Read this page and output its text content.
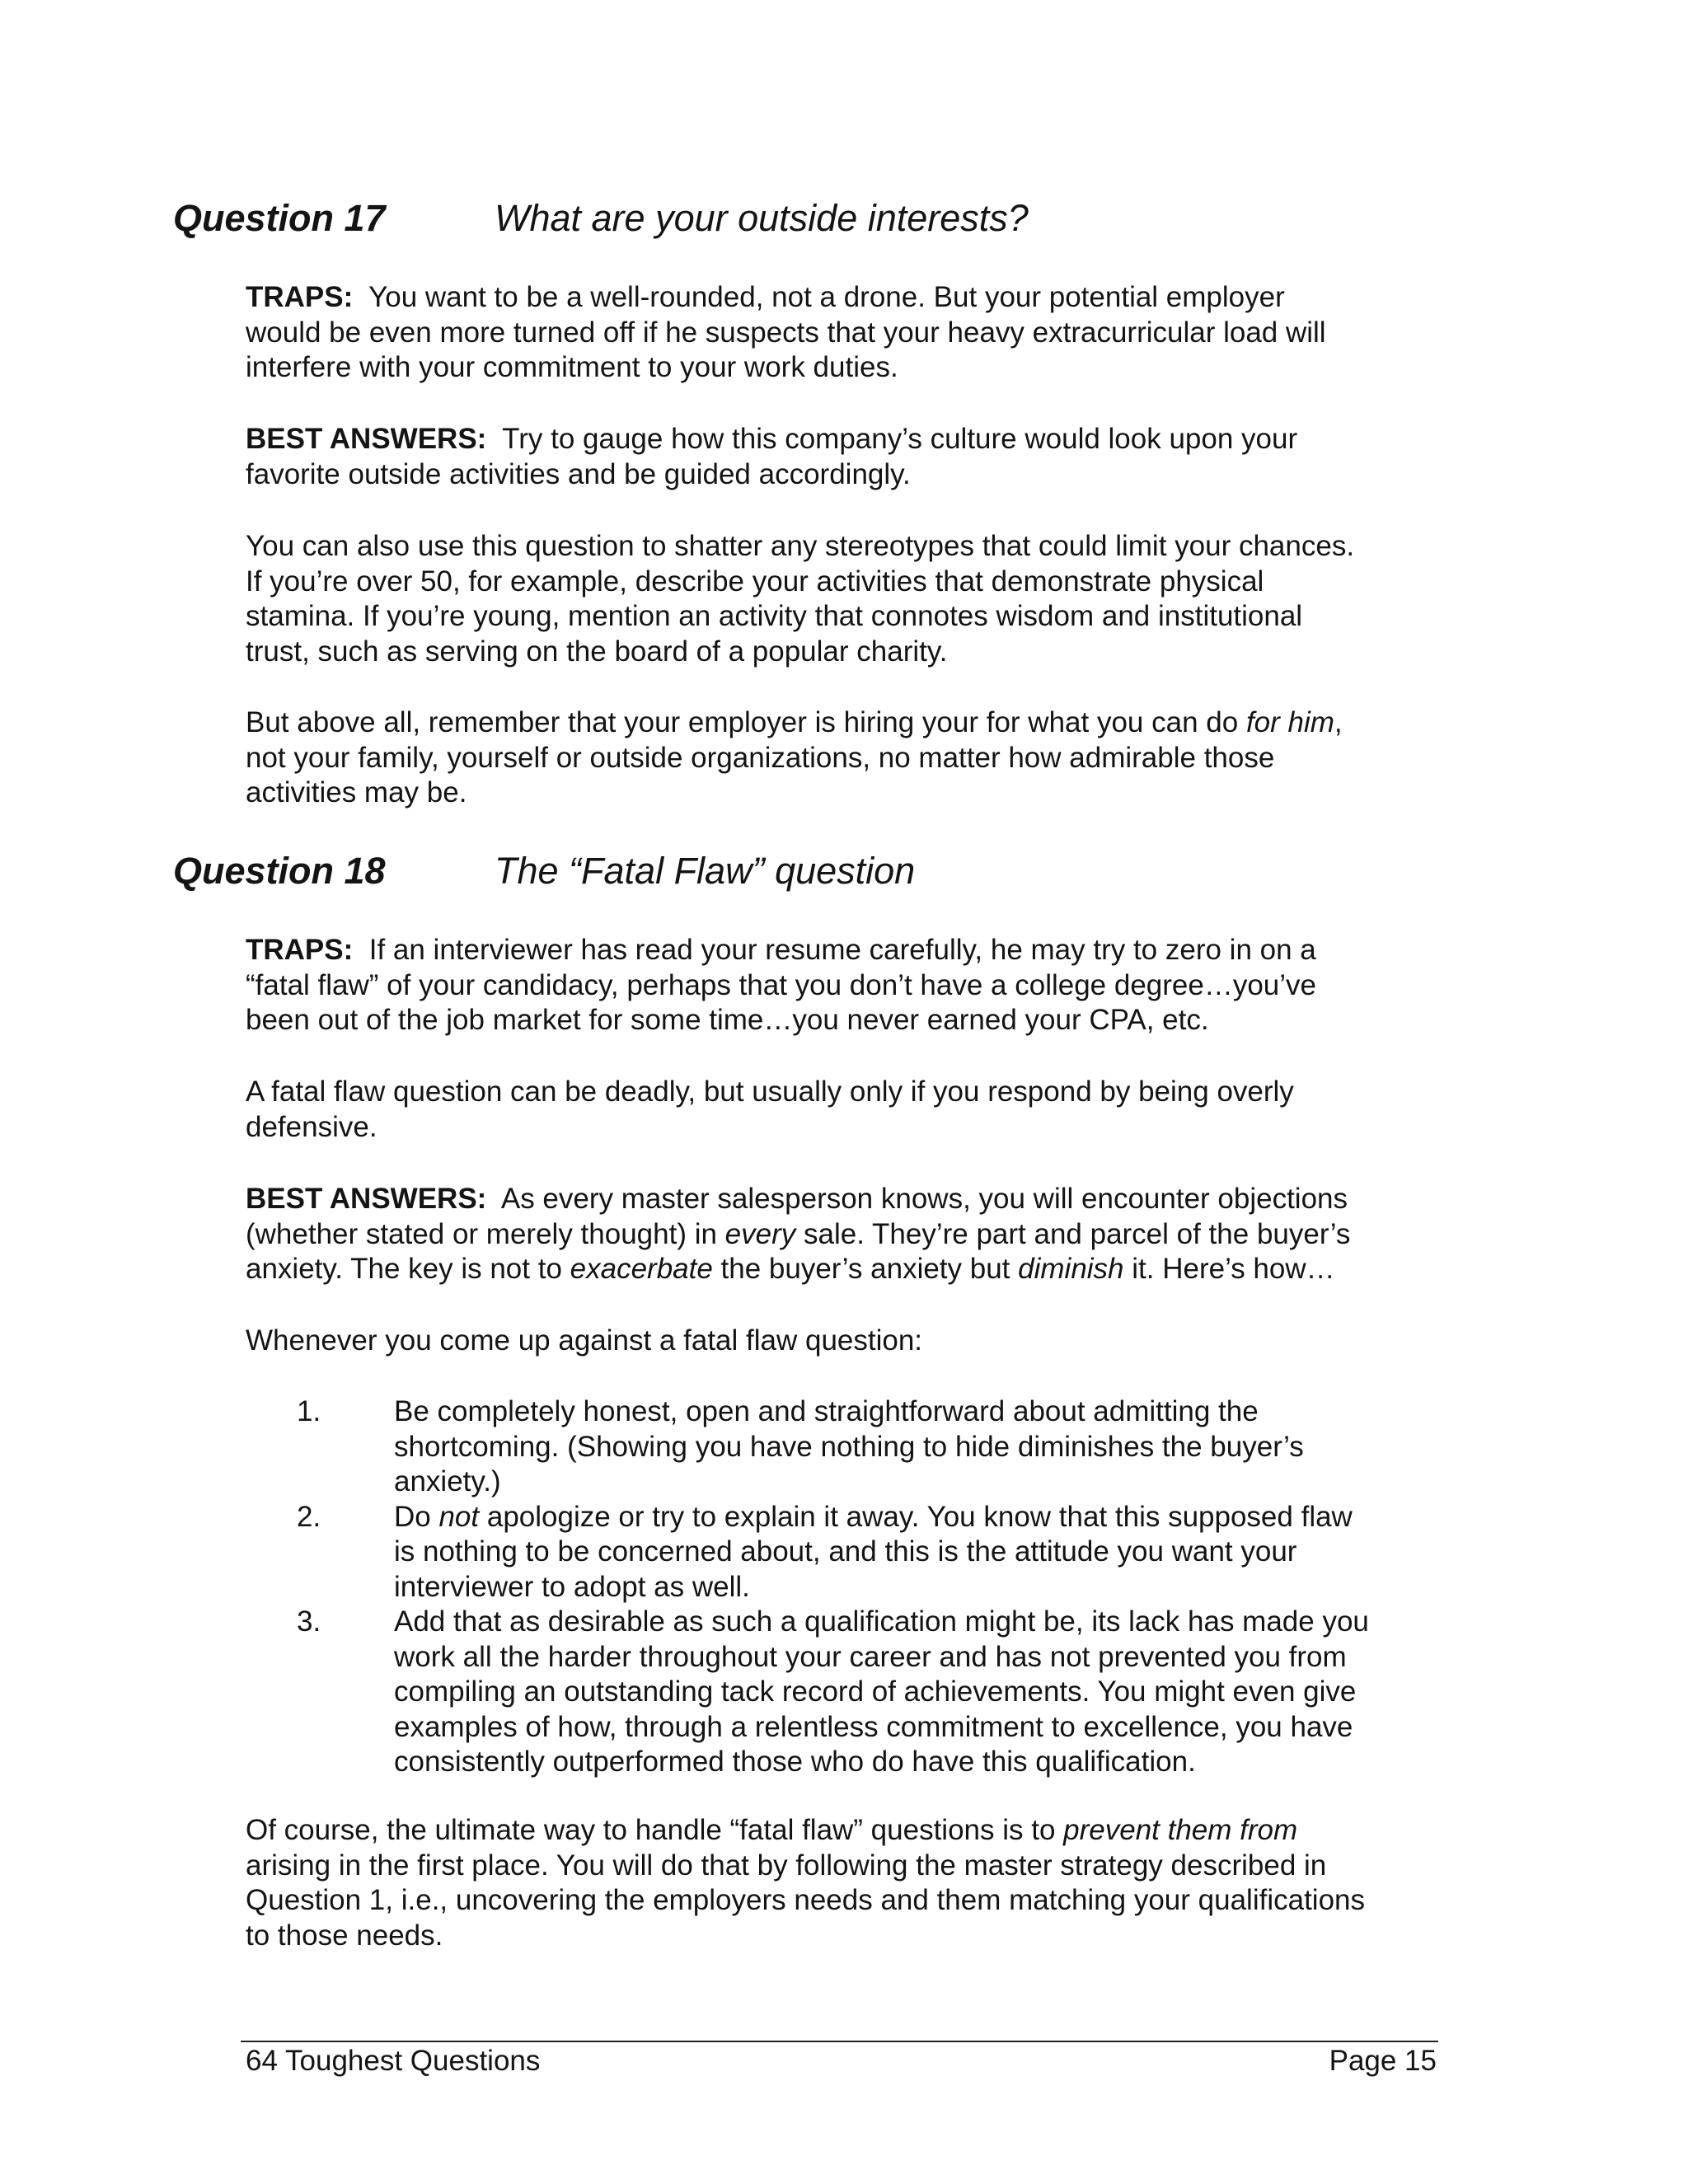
Question 17	What are your outside interests?

TRAPS: You want to be a well-rounded, not a drone. But your potential employer

would be even more turned off if he suspects that your heavy extracurricular load will

interfere with your commitment to your work duties.

BEST ANSWERS: Try to gauge how this company’s culture would look upon your

favorite outside activities and be guided accordingly.

You can also use this question to shatter any stereotypes that could limit your chances.

If you’re over 50, for example, describe your activities that demonstrate physical

stamina. If you’re young, mention an activity that connotes wisdom and institutional

trust, such as serving on the board of a popular charity.

But above all, remember that your employer is hiring your for what you can do for him,

not your family, yourself or outside organizations, no matter how admirable those

activities may be.

Question 18	The “Fatal Flaw” question

TRAPS: If an interviewer has read your resume carefully, he may try to zero in on a

“fatal flaw” of your candidacy, perhaps that you don’t have a college degree…you’ve

been out of the job market for some time…you never earned your CPA, etc.

A fatal flaw question can be deadly, but usually only if you respond by being overly

defensive.

BEST ANSWERS: As every master salesperson knows, you will encounter objections

(whether stated or merely thought) in every sale. They’re part and parcel of the buyer’s

anxiety. The key is not to exacerbate the buyer’s anxiety but diminish it. Here’s how…

Whenever you come up against a fatal flaw question:

1.	Be completely honest, open and straightforward about admitting the

shortcoming. (Showing you have nothing to hide diminishes the buyer’s

anxiety.)

2.	Do not apologize or try to explain it away. You know that this supposed flaw

is nothing to be concerned about, and this is the attitude you want your

interviewer to adopt as well.

3.	Add that as desirable as such a qualification might be, its lack has made you

work all the harder throughout your career and has not prevented you from

compiling an outstanding tack record of achievements. You might even give

examples of how, through a relentless commitment to excellence, you have

consistently outperformed those who do have this qualification.

Of course, the ultimate way to handle “fatal flaw” questions is to prevent them from

arising in the first place. You will do that by following the master strategy described in

Question 1, i.e., uncovering the employers needs and them matching your qualifications

to those needs.

64 Toughest Questions	Page 15
